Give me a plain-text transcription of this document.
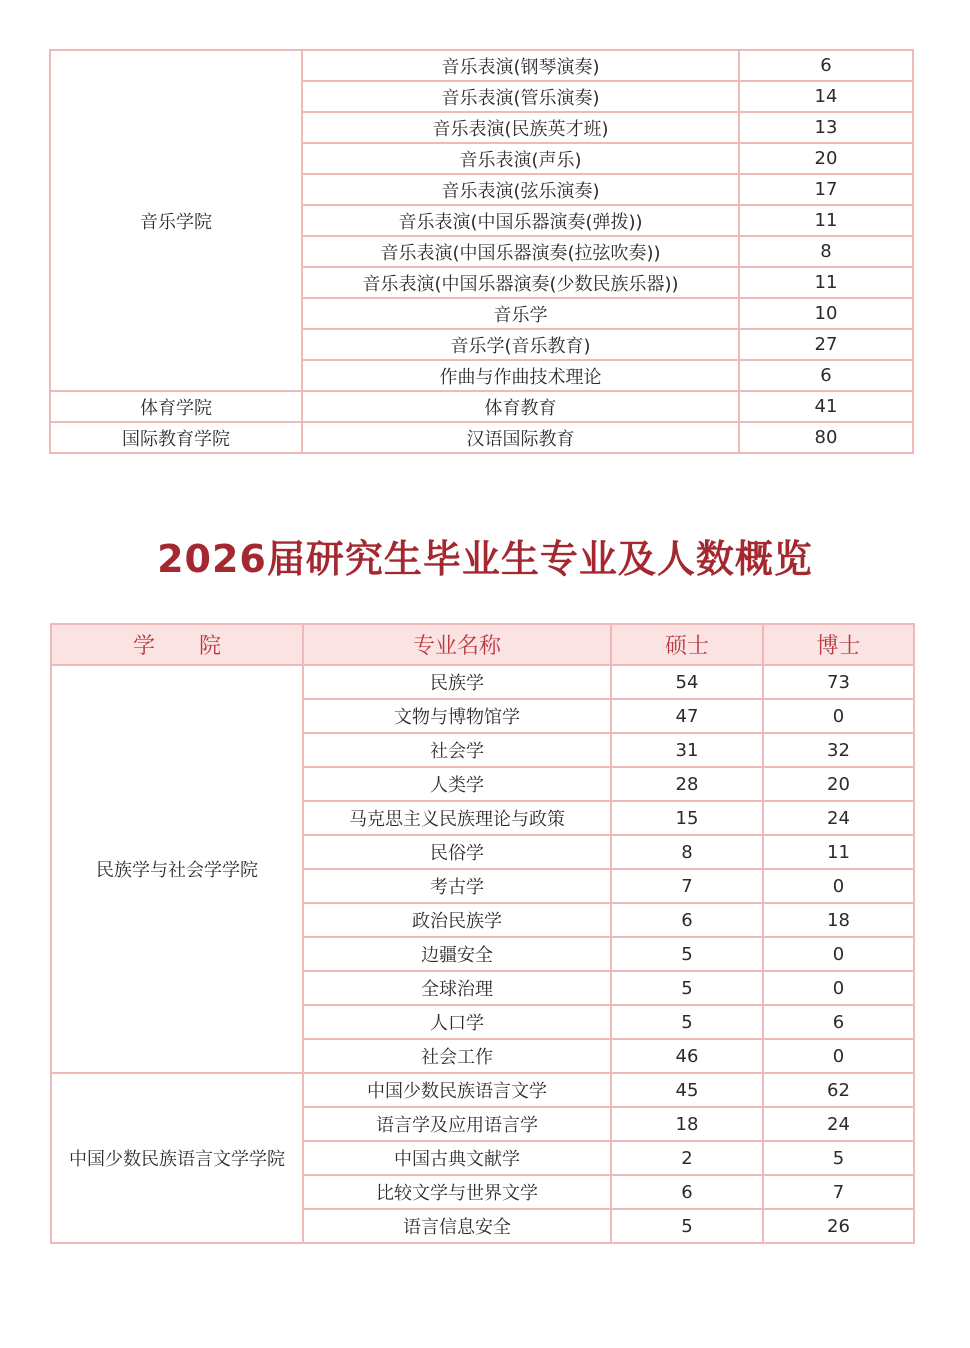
音乐学院	音乐表演(钢琴演奏)	6
	音乐表演(管乐演奏)	14
	音乐表演(民族英才班)	13
	音乐表演(声乐)	20
	音乐表演(弦乐演奏)	17
	音乐表演(中国乐器演奏(弹拨))	11
	音乐表演(中国乐器演奏(拉弦吹奏))	8
	音乐表演(中国乐器演奏(少数民族乐器))	11
	音乐学	10
	音乐学(音乐教育)	27
	作曲与作曲技术理论	6
体育学院	体育教育	41
国际教育学院	汉语国际教育	80
2026届研究生毕业生专业及人数概览
学　　院	专业名称	硕士	博士
民族学与社会学学院	民族学	54	73
	文物与博物馆学	47	0
	社会学	31	32
	人类学	28	20
	马克思主义民族理论与政策	15	24
	民俗学	8	11
	考古学	7	0
	政治民族学	6	18
	边疆安全	5	0
	全球治理	5	0
	人口学	5	6
	社会工作	46	0
中国少数民族语言文学学院	中国少数民族语言文学	45	62
	语言学及应用语言学	18	24
	中国古典文献学	2	5
	比较文学与世界文学	6	7
	语言信息安全	5	26
